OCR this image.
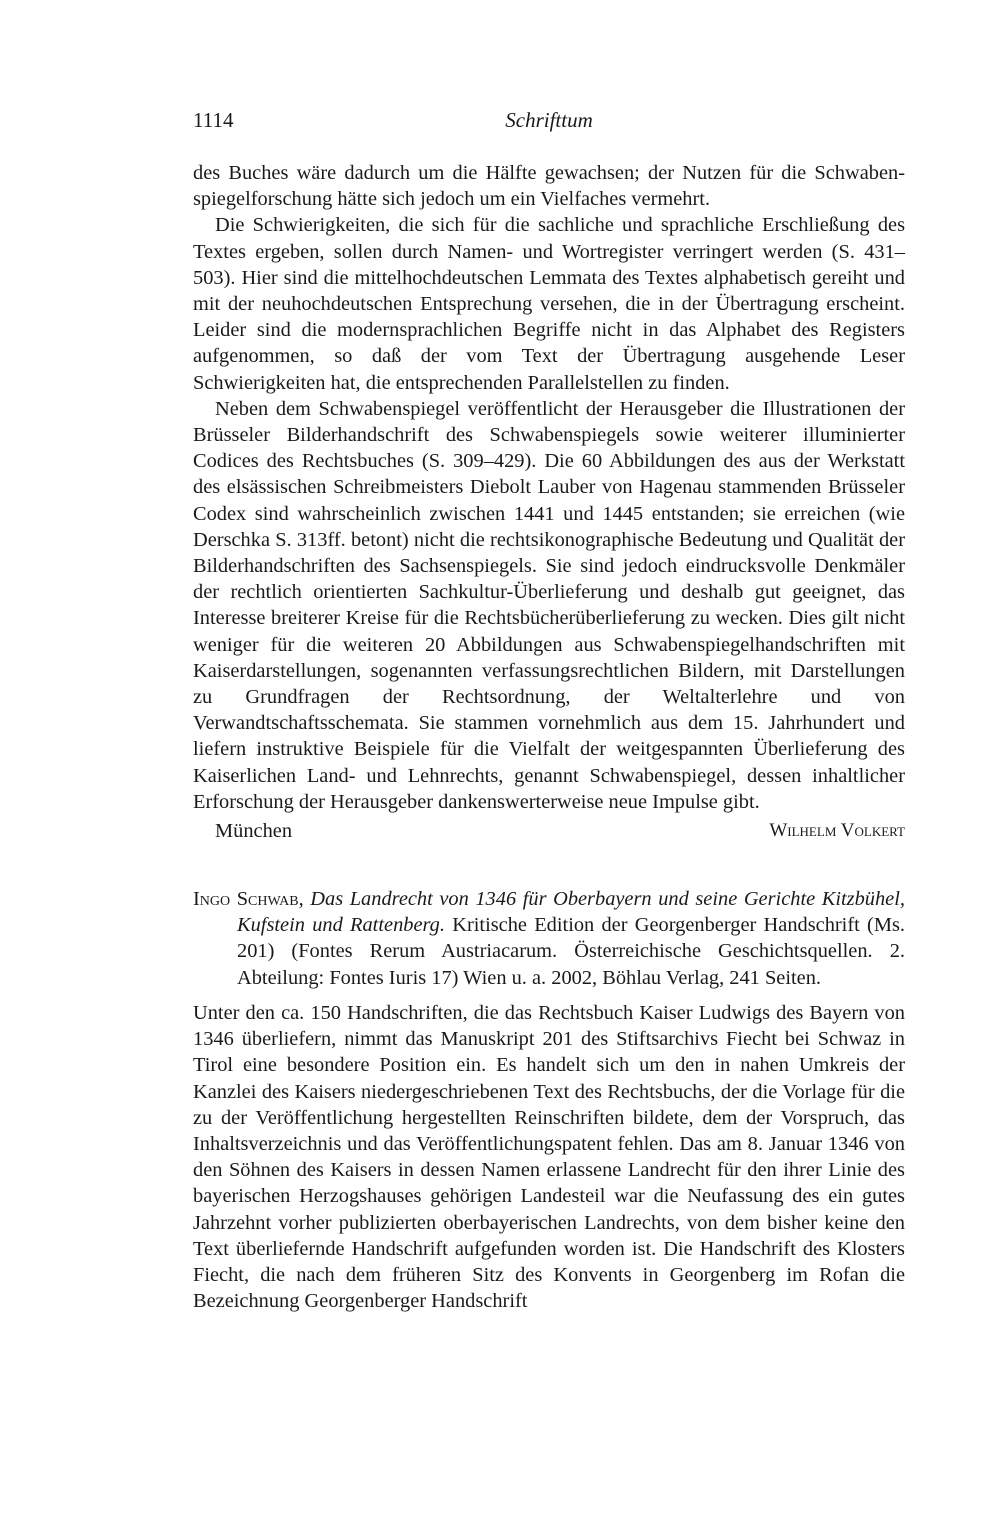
1114	Schrifttum

des Buches wäre dadurch um die Hälfte gewachsen; der Nutzen für die Schwabenspiegelforschung hätte sich jedoch um ein Vielfaches vermehrt.

Die Schwierigkeiten, die sich für die sachliche und sprachliche Erschließung des Textes ergeben, sollen durch Namen- und Wortregister verringert werden (S. 431–503). Hier sind die mittelhochdeutschen Lemmata des Textes alphabetisch gereiht und mit der neuhochdeutschen Entsprechung versehen, die in der Übertragung erscheint. Leider sind die modernsprachlichen Begriffe nicht in das Alphabet des Registers aufgenommen, so daß der vom Text der Übertragung ausgehende Leser Schwierigkeiten hat, die entsprechenden Parallelstellen zu finden.

Neben dem Schwabenspiegel veröffentlicht der Herausgeber die Illustrationen der Brüsseler Bilderhandschrift des Schwabenspiegels sowie weiterer illuminierter Codices des Rechtsbuches (S. 309–429). Die 60 Abbildungen des aus der Werkstatt des elsässischen Schreibmeisters Diebolt Lauber von Hagenau stammenden Brüsseler Codex sind wahrscheinlich zwischen 1441 und 1445 entstanden; sie erreichen (wie Derschka S. 313ff. betont) nicht die rechtsikonographische Bedeutung und Qualität der Bilderhandschriften des Sachsenspiegels. Sie sind jedoch eindrucksvolle Denkmäler der rechtlich orientierten Sachkultur-Überlieferung und deshalb gut geeignet, das Interesse breiterer Kreise für die Rechtsbücherüberlieferung zu wecken. Dies gilt nicht weniger für die weiteren 20 Abbildungen aus Schwabenspiegelhandschriften mit Kaiserdarstellungen, sogenannten verfassungsrechtlichen Bildern, mit Darstellungen zu Grundfragen der Rechtsordnung, der Weltalterlehre und von Verwandtschaftsschemata. Sie stammen vornehmlich aus dem 15. Jahrhundert und liefern instruktive Beispiele für die Vielfalt der weitgespannten Überlieferung des Kaiserlichen Land- und Lehnrechts, genannt Schwabenspiegel, dessen inhaltlicher Erforschung der Herausgeber dankenswerterweise neue Impulse gibt.

München	Wilhelm Volkert

Ingo Schwab, Das Landrecht von 1346 für Oberbayern und seine Gerichte Kitzbühel, Kufstein und Rattenberg. Kritische Edition der Georgenberger Handschrift (Ms. 201) (Fontes Rerum Austriacarum. Österreichische Geschichtsquellen. 2. Abteilung: Fontes Iuris 17) Wien u. a. 2002, Böhlau Verlag, 241 Seiten.

Unter den ca. 150 Handschriften, die das Rechtsbuch Kaiser Ludwigs des Bayern von 1346 überliefern, nimmt das Manuskript 201 des Stiftsarchivs Fiecht bei Schwaz in Tirol eine besondere Position ein. Es handelt sich um den in nahen Umkreis der Kanzlei des Kaisers niedergeschriebenen Text des Rechtsbuchs, der die Vorlage für die zu der Veröffentlichung hergestellten Reinschriften bildete, dem der Vorspruch, das Inhaltsverzeichnis und das Veröffentlichungspatent fehlen. Das am 8. Januar 1346 von den Söhnen des Kaisers in dessen Namen erlassene Landrecht für den ihrer Linie des bayerischen Herzogshauses gehörigen Landesteil war die Neufassung des ein gutes Jahrzehnt vorher publizierten oberbayerischen Landrechts, von dem bisher keine den Text überliefernde Handschrift aufgefunden worden ist. Die Handschrift des Klosters Fiecht, die nach dem früheren Sitz des Konvents in Georgenberg im Rofan die Bezeichnung Georgenberger Handschrift
